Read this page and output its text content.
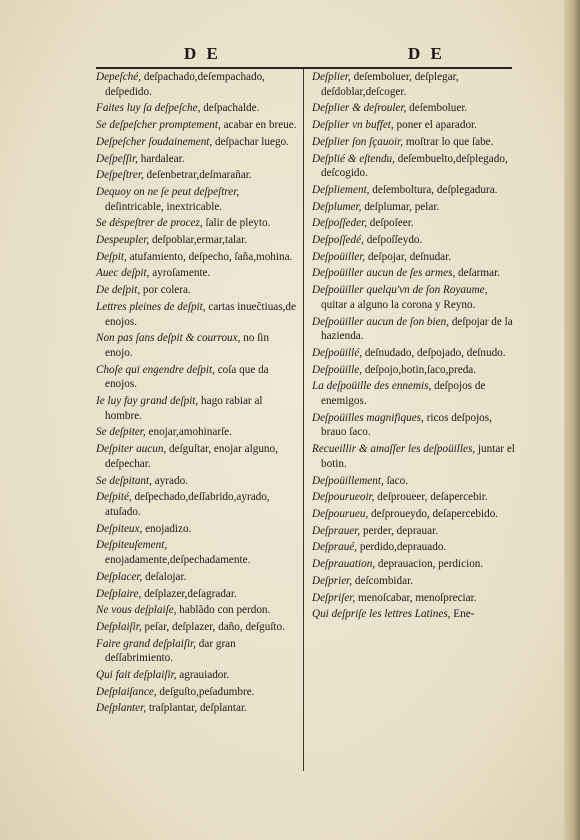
D E	D E
Depeſché, deſpachado,deſempachado, deſpedido.
Faites luy ſa deſpeſche, deſpachalde.
Se deſpeſcher promptement, acabar en breue.
Deſpeſcher ſoudainement, deſpachar luego.
Deſpeſſir, hardalear.
Deſpeſtrer, deſenbetrar,deſmarañar.
Dequoy on ne ſe peut deſpeſtrer, deſintricable, inextricable.
Se déspeſtrer de procez, ſalir de pleyto.
Despeupler, deſpoblar,ermar,talar.
Deſpit, atufamiento, deſpecho, ſaña,mohina.
Auec deſpit, ayroſamente.
De deſpit, por colera.
Lettres pleines de deſpit, cartas inueĉtiuas,de enojos.
Non pas ſans deſpit & courroux, no ſin enojo.
Choſe qui engendre deſpit, coſa que da enojos.
Ie luy fay grand deſpit, hago rabiar al hombre.
Se deſpiter, enojar,amohinarſe.
Deſpiter aucun, deſguſtar, enojar alguno, deſpechar.
Se deſpitant, ayrado.
Deſpité, deſpechado,deſſabrido,ayrado, atuſado.
Deſpiteux, enojadizo.
Deſpiteuſement, enojadamente,deſpechadamente.
Deſplacer, deſalojar.
Deſplaire, deſplazer,deſagradar.
Ne vous deſplaiſe, hablãdo con perdon.
Deſplaiſir, peſar, deſplazer, daño, deſguſto.
Faire grand deſplaiſir, dar gran deſſabrimiento.
Qui fait deſplaiſir, agrauiador.
Deſplaiſance, deſguſto,peſadumbre.
Deſplanter, traſplantar, deſplantar.
Deſplier, deſemboluer, deſplegar, deſdoblar,deſcoger.
Deſplier & deſrouler, deſemboluer.
Deſplier vn buffet, poner el aparador.
Deſplier ſon ſçauoir, moſtrar lo que ſabe.
Deſplié & eſtendu, deſembuelto,deſplegado, deſcogido.
Deſpliement, deſemboltura, deſplegadura.
Deſplumer, deſplumar, pelar.
Deſpoſſeder, deſpoſeer.
Deſpoſſedé, deſpoſſeydo.
Deſpoüiller, deſpojar, deſnudar.
Deſpoüiller aucun de ſes armes, deſarmar.
Deſpoüiller quelqu'vn de ſon Royaume, quitar a alguno la corona y Reyno.
Deſpoüiller aucun de ſon bien, deſpojar de la hazienda.
Deſpoüillé, deſnudado, deſpojado, deſnudo.
Deſpoüille, deſpojo,botin,ſaco,preda.
La deſpoüille des ennemis, deſpojos de enemigos.
Deſpoüilles magnifiques, ricos deſpojos, brauo ſaco.
Recueillir & amaſſer les deſpoüilles, juntar el botin.
Deſpoüillement, ſaco.
Deſpourueoir, deſproueer, deſapercebir.
Deſpourueu, deſproueydo, deſapercebido.
Deſprauer, perder, deprauar.
Deſpraué, perdido,deprauado.
Deſprauation, deprauacion, perdicion.
Deſprier, deſcombidar.
Deſpriſer, menoſcabar, menoſpreciar.
Qui deſpriſe les lettres Latines, Ene-
